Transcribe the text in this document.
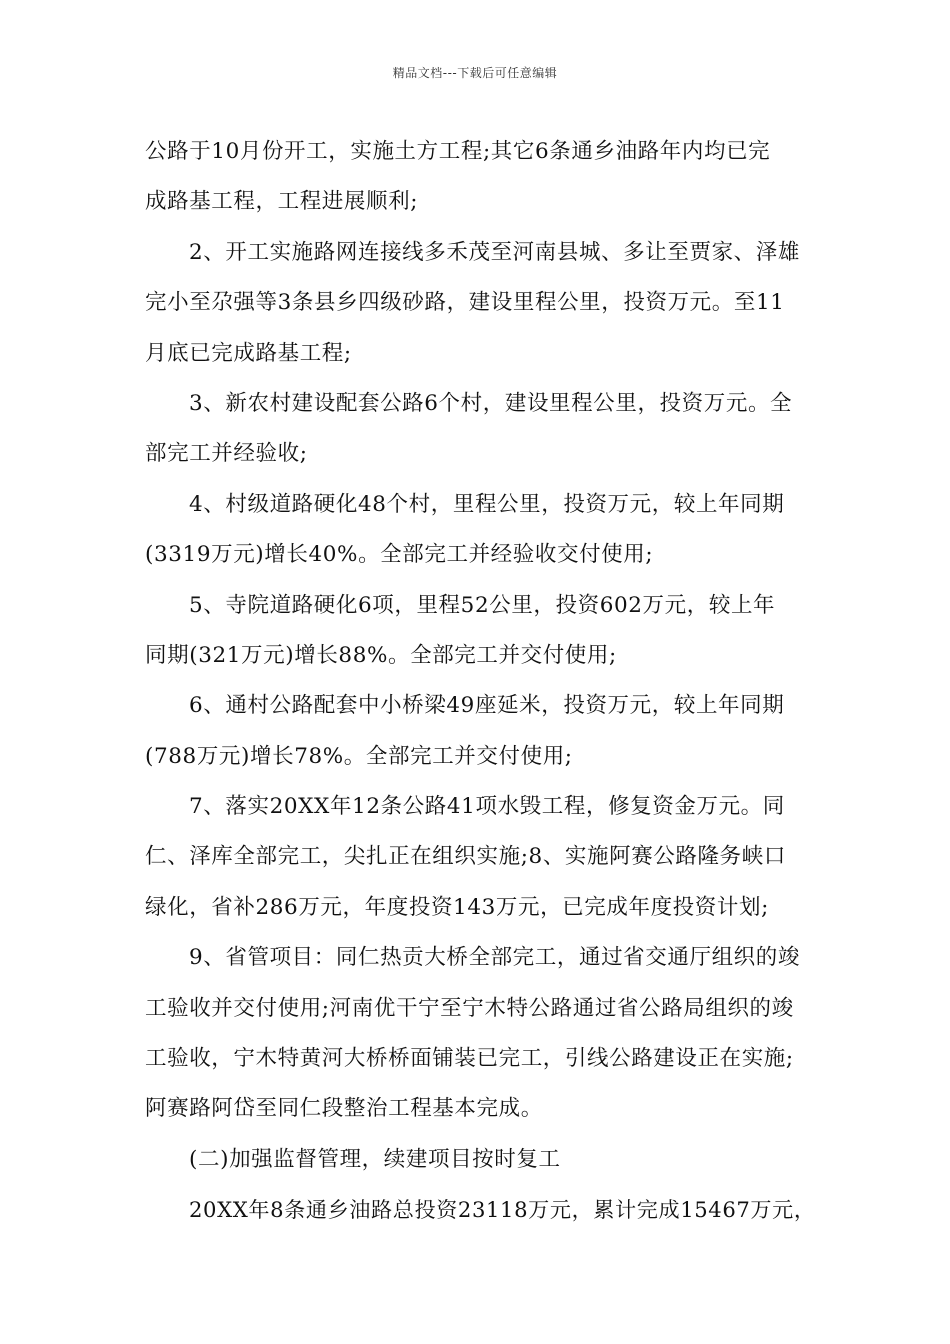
精品文档---下载后可任意编辑
公路于10月份开工，实施土方工程;其它6条通乡油路年内均已完
成路基工程，工程进展顺利;
2、开工实施路网连接线多禾茂至河南县城、多让至贾家、泽雄
完小至尕强等3条县乡四级砂路，建设里程公里，投资万元。至11
月底已完成路基工程;
3、新农村建设配套公路6个村，建设里程公里，投资万元。全
部完工并经验收;
4、村级道路硬化48个村，里程公里，投资万元，较上年同期
(3319万元)增长40%。全部完工并经验收交付使用;
5、寺院道路硬化6项，里程52公里，投资602万元，较上年
同期(321万元)增长88%。全部完工并交付使用;
6、通村公路配套中小桥梁49座延米，投资万元，较上年同期
(788万元)增长78%。全部完工并交付使用;
7、落实20XX年12条公路41项水毁工程，修复资金万元。同
仁、泽库全部完工，尖扎正在组织实施;8、实施阿赛公路隆务峡口
绿化，省补286万元，年度投资143万元，已完成年度投资计划;
9、省管项目：同仁热贡大桥全部完工，通过省交通厅组织的竣
工验收并交付使用;河南优干宁至宁木特公路通过省公路局组织的竣
工验收，宁木特黄河大桥桥面铺装已完工，引线公路建设正在实施;
阿赛路阿岱至同仁段整治工程基本完成。
(二)加强监督管理，续建项目按时复工
20XX年8条通乡油路总投资23118万元，累计完成15467万元，
